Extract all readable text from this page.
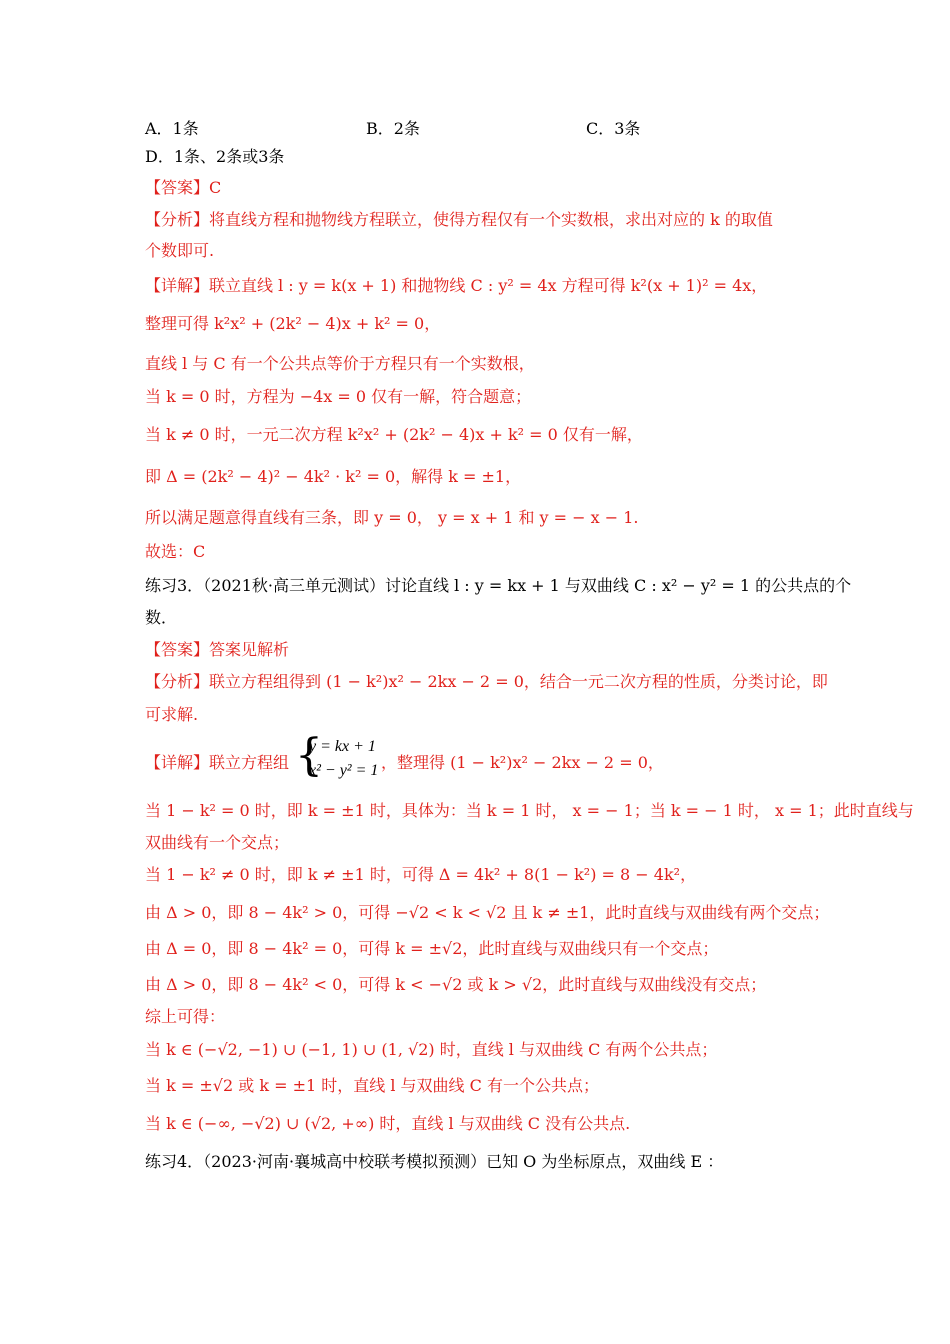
A．1条	B．2条	C．3条
D．1条、2条或3条
【答案】C
【分析】将直线方程和抛物线方程联立，使得方程仅有一个实数根，求出对应的 k 的取值
个数即可.
【详解】联立直线 l : y = k(x + 1) 和抛物线 C : y² = 4x 方程可得 k²(x + 1)² = 4x，
整理可得 k²x² + (2k² − 4)x + k² = 0，
直线 l 与 C 有一个公共点等价于方程只有一个实数根，
当 k = 0 时，方程为 −4x = 0 仅有一解，符合题意；
当 k ≠ 0 时，一元二次方程 k²x² + (2k² − 4)x + k² = 0 仅有一解，
即 Δ = (2k² − 4)² − 4k² · k² = 0，解得 k = ±1，
所以满足题意得直线有三条，即 y = 0， y = x + 1 和 y = − x − 1.
故选：C
练习3．（2021秋·高三单元测试）讨论直线 l : y = kx + 1 与双曲线 C : x² − y² = 1 的公共点的个
数．
【答案】答案见解析
【分析】联立方程组得到 (1 − k²)x² − 2kx − 2 = 0，结合一元二次方程的性质，分类讨论，即
可求解.
【详解】联立方程组 {
y = kx + 1
x² − y² = 1 ，整理得 (1 − k²)x² − 2kx − 2 = 0，
当 1 − k² = 0 时，即 k = ±1 时，具体为：当 k = 1 时， x = − 1；当 k = − 1 时， x = 1；此时直线与
双曲线有一个交点；
当 1 − k² ≠ 0 时，即 k ≠ ±1 时，可得 Δ = 4k² + 8(1 − k²) = 8 − 4k²，
由 Δ > 0，即 8 − 4k² > 0，可得 −√2 < k < √2 且 k ≠ ±1，此时直线与双曲线有两个交点；
由 Δ = 0，即 8 − 4k² = 0，可得 k = ±√2，此时直线与双曲线只有一个交点；
由 Δ > 0，即 8 − 4k² < 0，可得 k < −√2 或 k > √2，此时直线与双曲线没有交点；
综上可得：
当 k ∈ (−√2, −1) ∪ (−1, 1) ∪ (1, √2) 时，直线 l 与双曲线 C 有两个公共点；
当 k = ±√2 或 k = ±1 时，直线 l 与双曲线 C 有一个公共点；
当 k ∈ (−∞, −√2) ∪ (√2, +∞) 时，直线 l 与双曲线 C 没有公共点.
练习4．（2023·河南·襄城高中校联考模拟预测）已知 O 为坐标原点，双曲线 E ：
